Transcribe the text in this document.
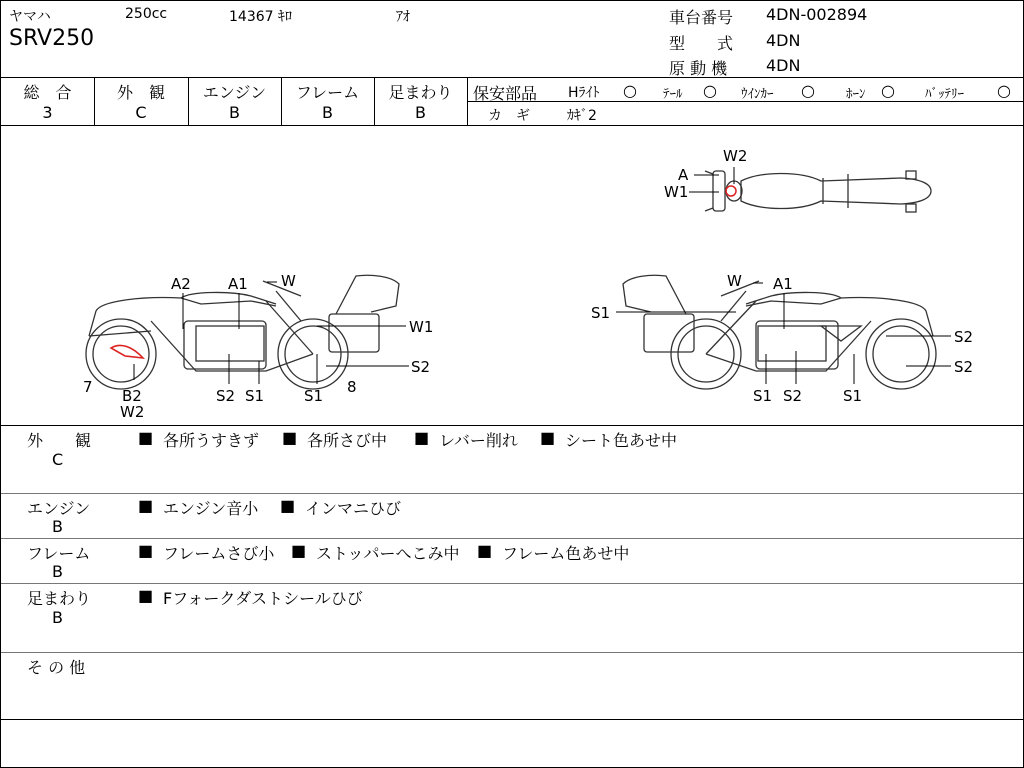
ヤマハ	250cc	14367 ｷﾛ	ｱｵ
SRV250
車台番号 4DN-002894
型　　式 4DN
原 動 機 4DN
総　合
3
外　観
C
エンジン
B
フレーム
B
足まわり
B
保安部品 Hﾗｲﾄ ○ ﾃｰﾙ ○ ｳｲﾝｶｰ ○ ﾎｰﾝ ○ ﾊﾞｯﾃﾘｰ ○
カ　ギ	ｶｷﾞ2
W2
A
W1
A2 A1 W
W1
S2
7 B2
W2
S2 S1	S1 8
W A1
S1
S2
S2
S1 S2	S1
外　　観
C
■ 各所うすきず ■ 各所さび中 ■ レバー削れ ■ シート色あせ中
エンジン
B
■ エンジン音小 ■ インマニひび
フレーム
B
■ フレームさび小 ■ ストッパーへこみ中 ■ フレーム色あせ中
足まわり
B
■ Fフォークダストシールひび
そ の 他
